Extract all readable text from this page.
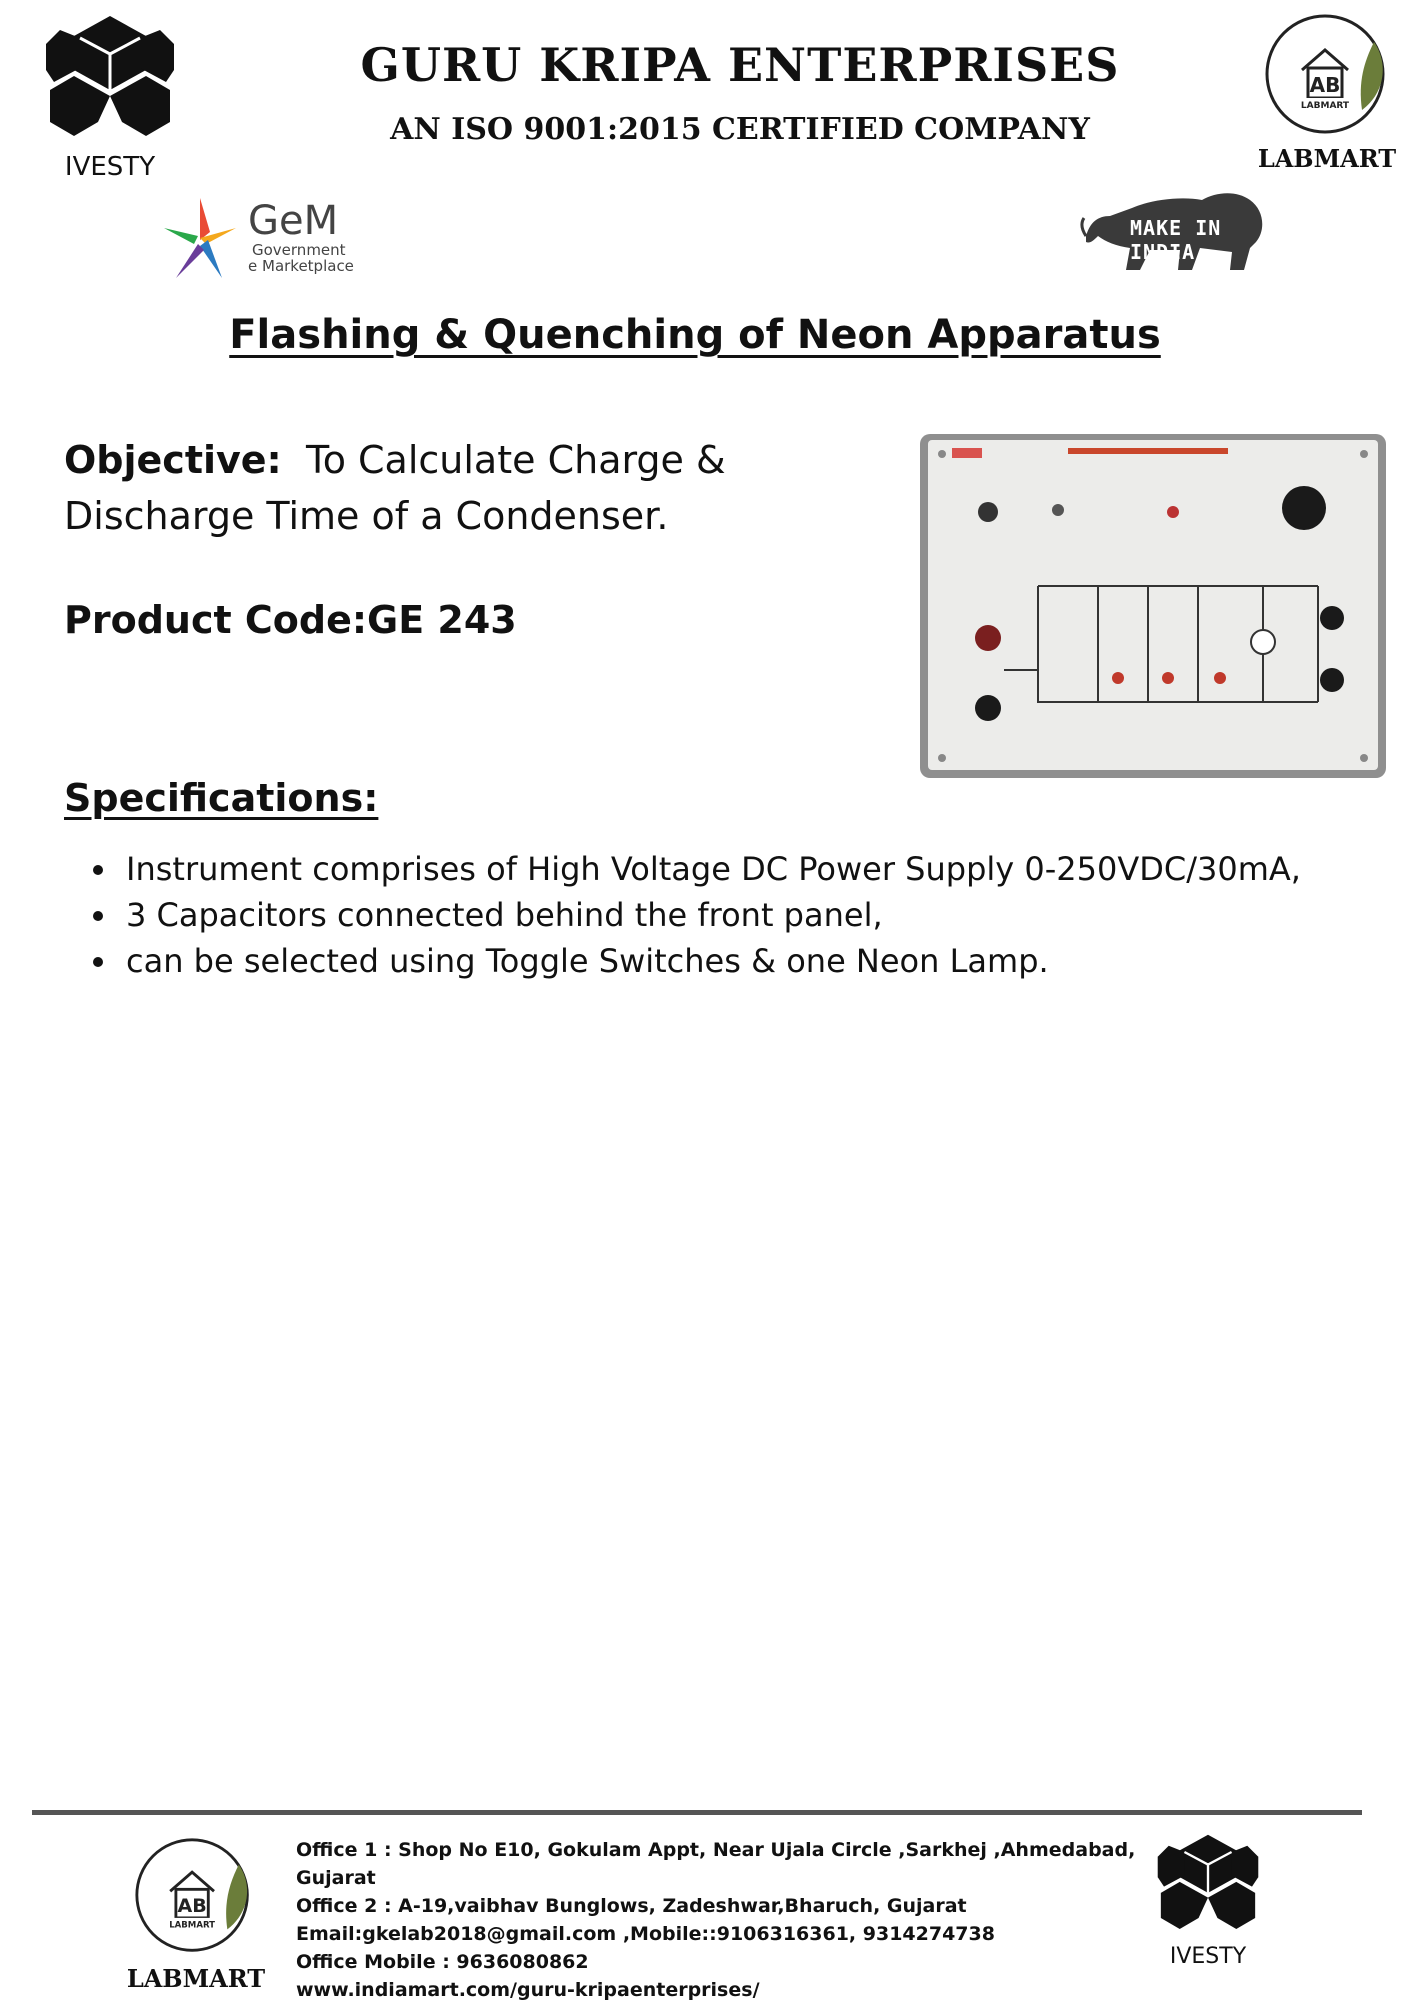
IVESTY
GURU KRIPA ENTERPRISES
AN ISO 9001:2015 CERTIFIED COMPANY
AB
LABMART
LABMART
GeM
Government
e Marketplace
MAKE IN INDIA
Flashing & Quenching of Neon Apparatus
Objective: To Calculate Charge & Discharge Time of a Condenser.
Product Code:GE 243
Specifications:
• Instrument comprises of High Voltage DC Power Supply 0-250VDC/30mA,
• 3 Capacitors connected behind the front panel,
• can be selected using Toggle Switches & one Neon Lamp.
AB
LABMART
LABMART
Office 1 : Shop No E10, Gokulam Appt, Near Ujala Circle ,Sarkhej ,Ahmedabad, Gujarat
Office 2 : A-19,vaibhav Bunglows, Zadeshwar,Bharuch, Gujarat
Email:gkelab2018@gmail.com ,Mobile::9106316361, 9314274738
Office Mobile : 9636080862
www.indiamart.com/guru-kripaenterprises/
IVESTY
